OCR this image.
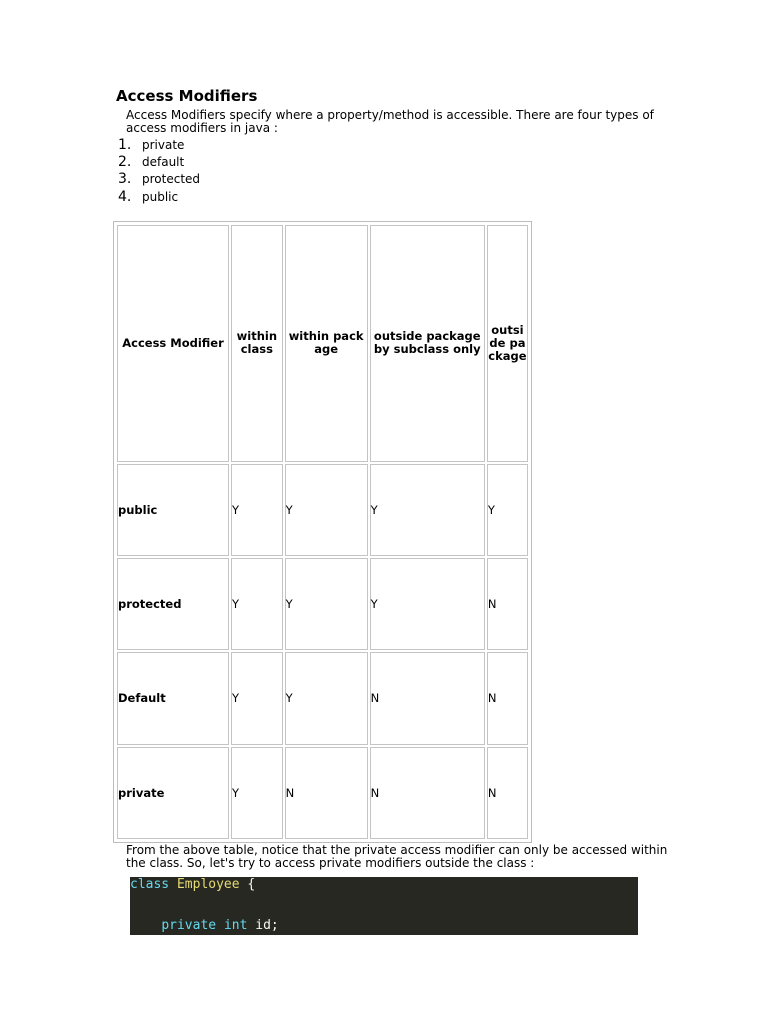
Access Modifiers

Access Modifiers specify where a property/method is accessible. There are four types of access modifiers in java :

1. private
2. default
3. protected
4. public
Access Modifier	within class	within package	outside package by subclass only	outside package
public	Y	Y	Y	Y
protected	Y	Y	Y	N
Default	Y	Y	N	N
private	Y	N	N	N

From the above table, notice that the private access modifier can only be accessed within the class. So, let's try to access private modifiers outside the class :

class Employee {
private int id;
